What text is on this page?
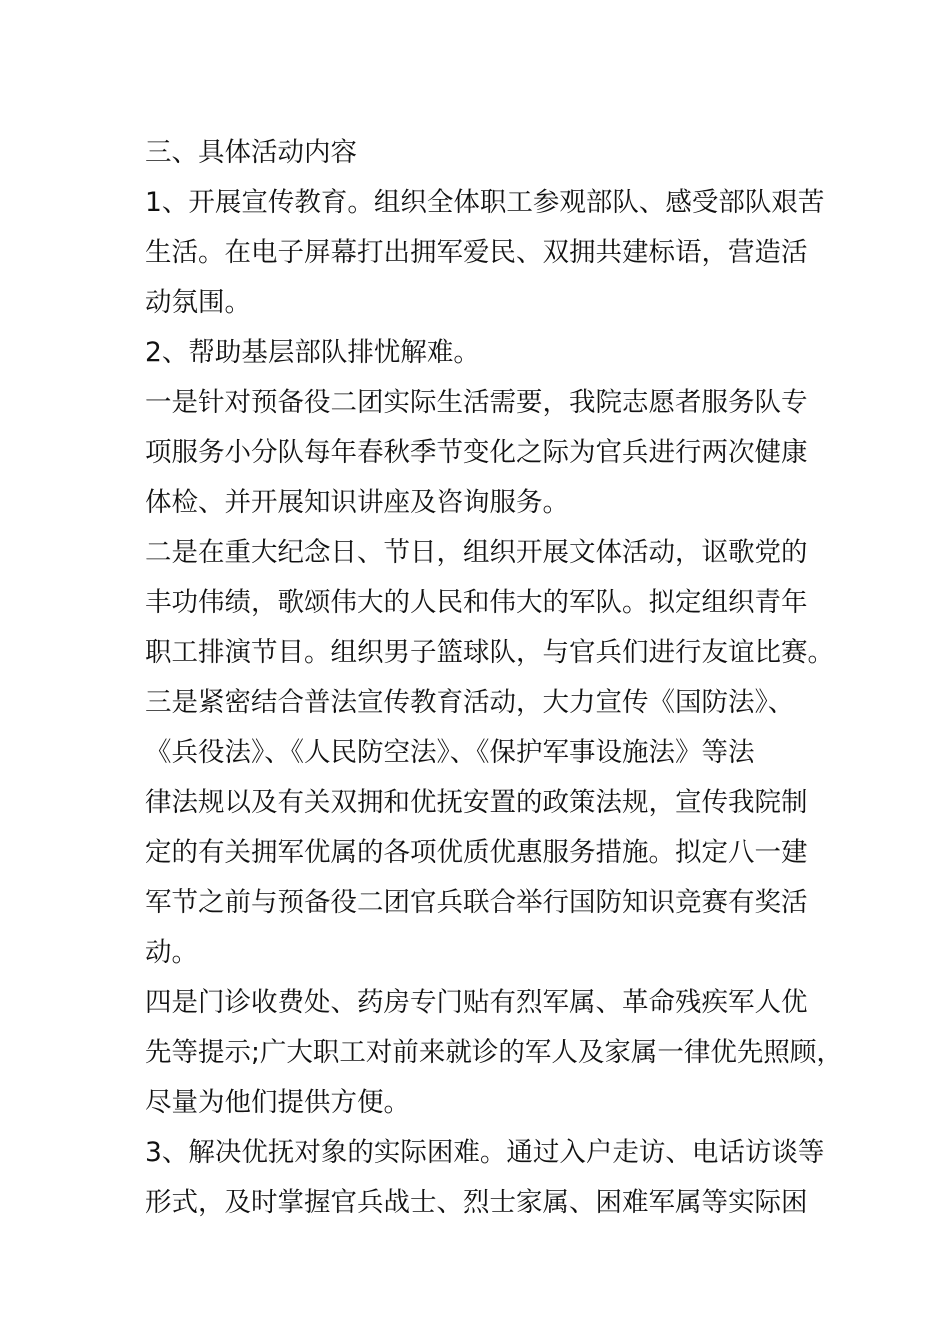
三、具体活动内容
1、开展宣传教育。组织全体职工参观部队、感受部队艰苦
生活。在电子屏幕打出拥军爱民、双拥共建标语，营造活
动氛围。
2、帮助基层部队排忧解难。
一是针对预备役二团实际生活需要，我院志愿者服务队专
项服务小分队每年春秋季节变化之际为官兵进行两次健康
体检、并开展知识讲座及咨询服务。
二是在重大纪念日、节日，组织开展文体活动，讴歌党的
丰功伟绩，歌颂伟大的人民和伟大的军队。拟定组织青年
职工排演节目。组织男子篮球队，与官兵们进行友谊比赛。
三是紧密结合普法宣传教育活动，大力宣传《国防法》、
《兵役法》、《人民防空法》、《保护军事设施法》等法
律法规以及有关双拥和优抚安置的政策法规，宣传我院制
定的有关拥军优属的各项优质优惠服务措施。拟定八一建
军节之前与预备役二团官兵联合举行国防知识竞赛有奖活
动。
四是门诊收费处、药房专门贴有烈军属、革命残疾军人优
先等提示;广大职工对前来就诊的军人及家属一律优先照顾，
尽量为他们提供方便。
3、解决优抚对象的实际困难。通过入户走访、电话访谈等
形式，及时掌握官兵战士、烈士家属、困难军属等实际困
